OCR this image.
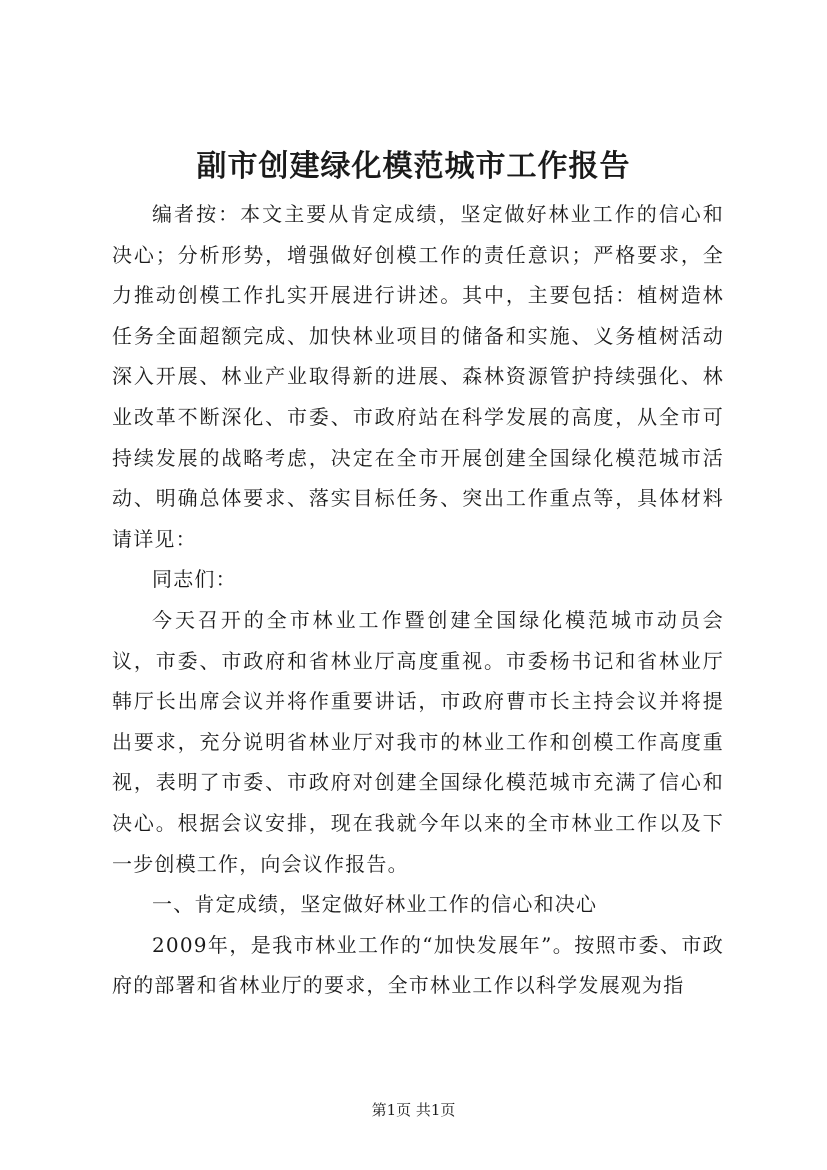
副市创建绿化模范城市工作报告

编者按：本文主要从肯定成绩，坚定做好林业工作的信心和决心；分析形势，增强做好创模工作的责任意识；严格要求，全力推动创模工作扎实开展进行讲述。其中，主要包括：植树造林任务全面超额完成、加快林业项目的储备和实施、义务植树活动深入开展、林业产业取得新的进展、森林资源管护持续强化、林业改革不断深化、市委、市政府站在科学发展的高度，从全市可持续发展的战略考虑，决定在全市开展创建全国绿化模范城市活动、明确总体要求、落实目标任务、突出工作重点等，具体材料请详见：

同志们：

今天召开的全市林业工作暨创建全国绿化模范城市动员会议，市委、市政府和省林业厅高度重视。市委杨书记和省林业厅韩厅长出席会议并将作重要讲话，市政府曹市长主持会议并将提出要求，充分说明省林业厅对我市的林业工作和创模工作高度重视，表明了市委、市政府对创建全国绿化模范城市充满了信心和决心。根据会议安排，现在我就今年以来的全市林业工作以及下一步创模工作，向会议作报告。

一、肯定成绩，坚定做好林业工作的信心和决心

2009年，是我市林业工作的“加快发展年”。按照市委、市政府的部署和省林业厅的要求，全市林业工作以科学发展观为指

第1页 共1页
